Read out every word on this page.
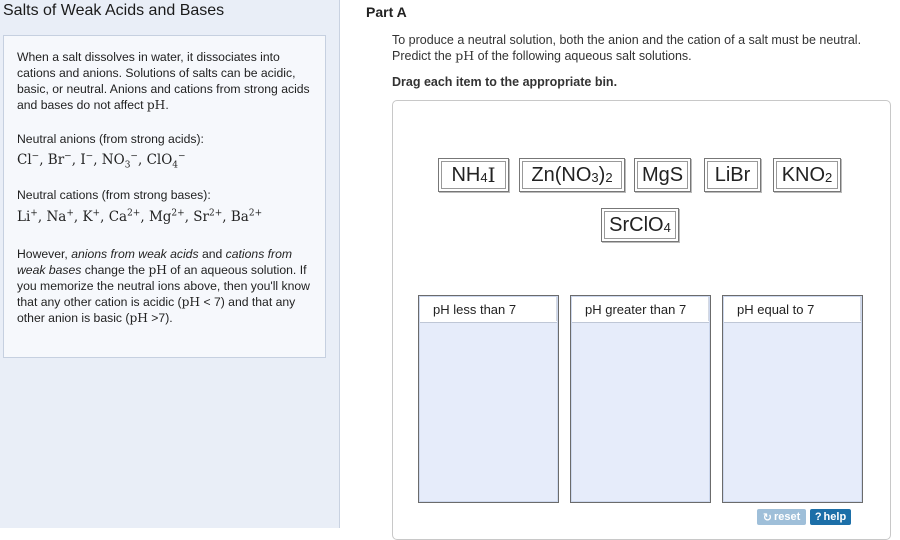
Salts of Weak Acids and Bases
When a salt dissolves in water, it dissociates into cations and anions. Solutions of salts can be acidic, basic, or neutral. Anions and cations from strong acids and bases do not affect pH.
Neutral anions (from strong acids):
Cl−, Br−, I−, $NO_3^-$, ClO$_4$−
Neutral cations (from strong bases):
Li+, Na+, K+, $Ca^{2+}$, $Mg^{2+}$, $Sr^{2+}$, $Ba^{2+}$
However, anions from weak acids and cations from weak bases change the pH of an aqueous solution. If you memorize the neutral ions above, then you'll know that any other cation is acidic (pH < 7) and that any other anion is basic (pH >7).
Part A
To produce a neutral solution, both the anion and the cation of a salt must be neutral. Predict the pH of the following aqueous salt solutions.
Drag each item to the appropriate bin.
$NH_4$ I $Zn(NO_3$ )$_2$ MgS LiBr $KNO_2$
SrClO$_4$
pH less than 7	pH greater than 7	pH equal to 7
↻ reset ? help
